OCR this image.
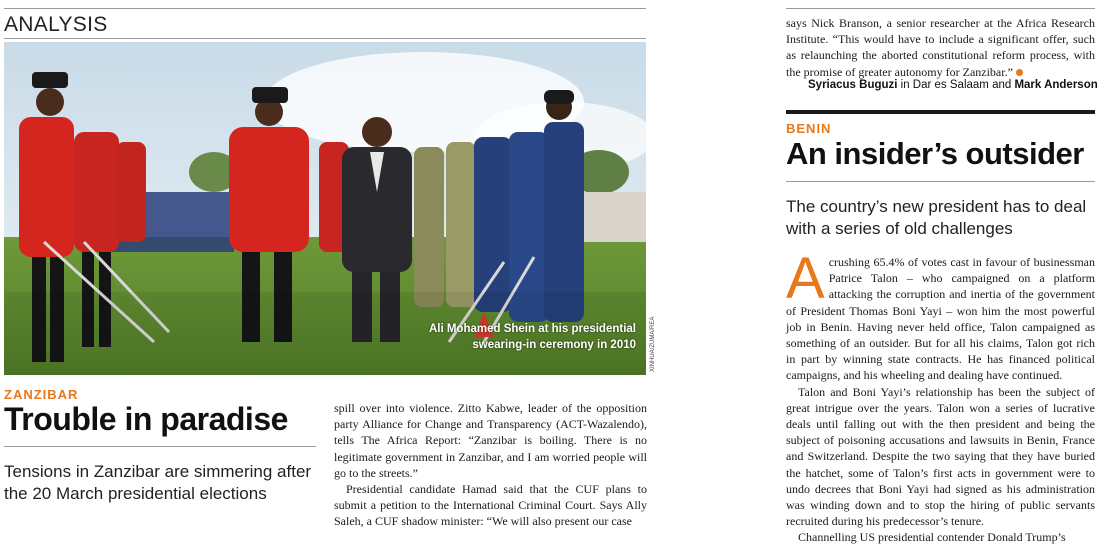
ANALYSIS
Ali Mohamed Shein at his presidential
swearing-in ceremony in 2010 XINHUA/ZUMA/REA
ZANZIBAR
Trouble in paradise
Tensions in Zanzibar are simmering after the 20 March presidential elections

spill over into violence. Zitto Kabwe, leader of the opposition party Alliance for Change and Transparency (ACT-Wazalendo), tells The Africa Report: “Zanzibar is boiling. There is no legitimate government in Zanzibar, and I am worried people will go to the streets.”

Presidential candidate Hamad said that the CUF plans to submit a petition to the International Criminal Court. Says Ally Saleh, a CUF shadow minister: “We will also present our case

says Nick Branson, a senior researcher at the Africa Research Institute. “This would have to include a significant offer, such as relaunching the aborted constitutional reform process, with the promise of greater autonomy for Zanzibar.”

Syriacus Buguzi in Dar es Salaam and Mark Anderson
BENIN
An insider’s outsider
The country’s new president has to deal with a series of old challenges

Acrushing 65.4% of votes cast in favour of businessman Patrice Talon – who campaigned on a platform attacking the corruption and inertia of the government of President Thomas Boni Yayi – won him the most powerful job in Benin. Having never held office, Talon campaigned as something of an outsider. But for all his claims, Talon got rich in part by winning state contracts. He has financed political campaigns, and his wheeling and dealing have continued.

Talon and Boni Yayi’s relationship has been the subject of great intrigue over the years. Talon won a series of lucrative deals until falling out with the then president and being the subject of poisoning accusations and lawsuits in Benin, France and Switzerland. Despite the two saying that they have buried the hatchet, some of Talon’s first acts in government were to undo decrees that Boni Yayi had signed as his administration was winding down and to stop the hiring of public servants recruited during his predecessor’s tenure.

Channelling US presidential contender Donald Trump’s
